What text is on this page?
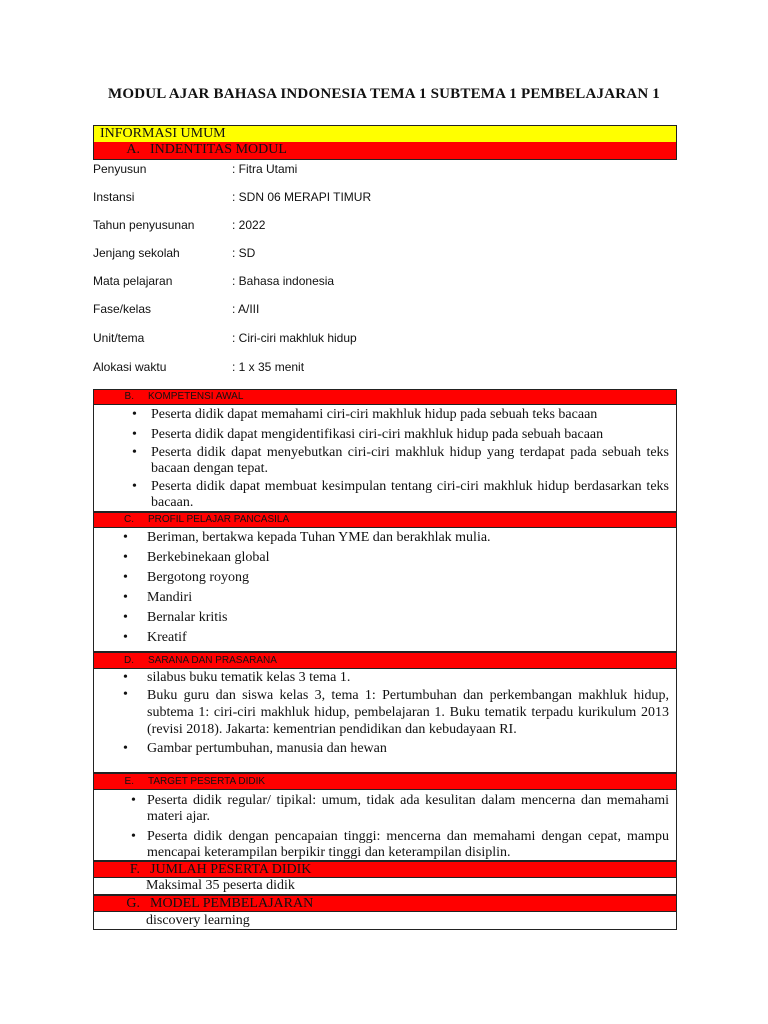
MODUL AJAR BAHASA INDONESIA TEMA 1 SUBTEMA 1 PEMBELAJARAN 1
INFORMASI UMUM
A. INDENTITAS MODUL
Penyusun	: Fitra Utami
Instansi	: SDN 06 MERAPI TIMUR
Tahun penyusunan	: 2022
Jenjang sekolah	: SD
Mata pelajaran	: Bahasa indonesia
Fase/kelas	: A/III
Unit/tema	: Ciri-ciri makhluk hidup
Alokasi waktu	: 1 x 35 menit
B. KOMPETENSI AWAL
• Peserta didik dapat memahami ciri-ciri makhluk hidup pada sebuah teks bacaan
• Peserta didik dapat mengidentifikasi ciri-ciri makhluk hidup pada sebuah bacaan
• Peserta didik dapat menyebutkan ciri-ciri makhluk hidup yang terdapat pada sebuah teks bacaan dengan tepat.
• Peserta didik dapat membuat kesimpulan tentang ciri-ciri makhluk hidup berdasarkan teks bacaan.
C. PROFIL PELAJAR PANCASILA
• Beriman, bertakwa kepada Tuhan YME dan berakhlak mulia.
• Berkebinekaan global
• Bergotong royong
• Mandiri
• Bernalar kritis
• Kreatif
D. SARANA DAN PRASARANA
• silabus buku tematik kelas 3 tema 1.
• Buku guru dan siswa kelas 3, tema 1: Pertumbuhan dan perkembangan makhluk hidup, subtema 1: ciri-ciri makhluk hidup, pembelajaran 1. Buku tematik terpadu kurikulum 2013 (revisi 2018). Jakarta: kementrian pendidikan dan kebudayaan RI.
• Gambar pertumbuhan, manusia dan hewan
E. TARGET PESERTA DIDIK
• Peserta didik regular/ tipikal: umum, tidak ada kesulitan dalam mencerna dan memahami materi ajar.
• Peserta didik dengan pencapaian tinggi: mencerna dan memahami dengan cepat, mampu mencapai keterampilan berpikir tinggi dan keterampilan disiplin.
F. JUMLAH PESERTA DIDIK
Maksimal 35 peserta didik
G. MODEL PEMBELAJARAN
discovery learning
